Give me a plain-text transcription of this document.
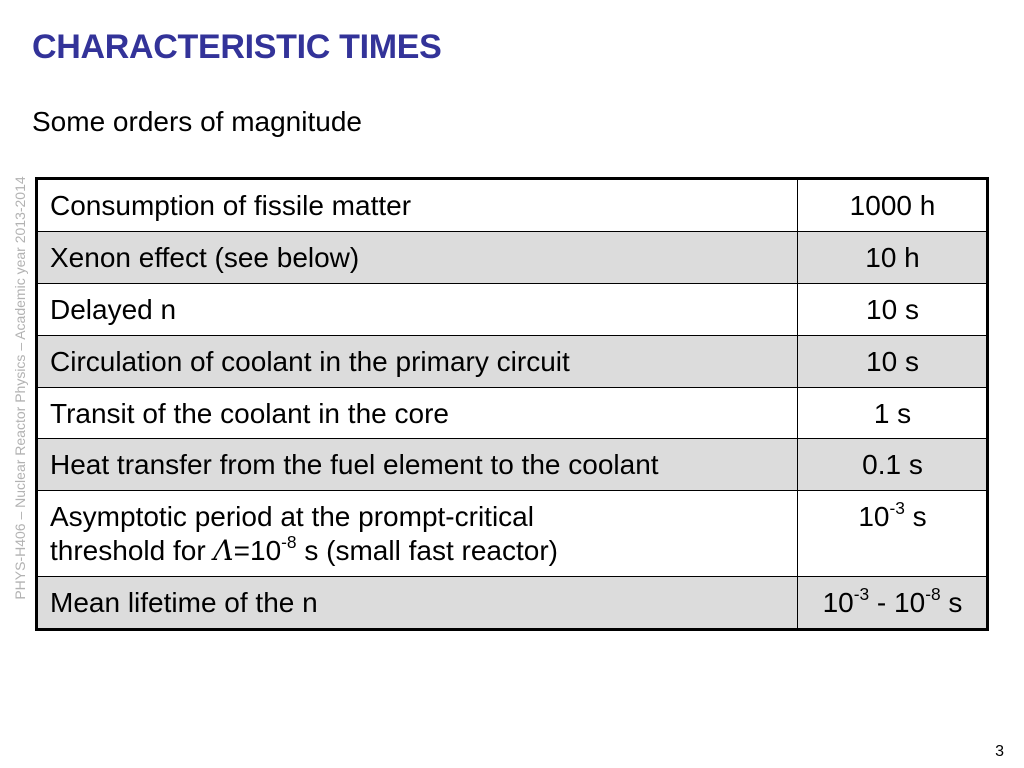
CHARACTERISTIC TIMES

Some orders of magnitude

PHYS-H406 – Nuclear Reactor Physics – Academic year 2013-2014 Consumption of fissile matter	1000 h
Xenon effect (see below)	10 h
Delayed n	10 s
Circulation of coolant in the primary circuit	10 s
Transit of the coolant in the core	1 s
Heat transfer from the fuel element to the coolant	0.1 s
Asymptotic period at the prompt-critical
threshold for $\Lambda=10^{-8}$ s (small fast reactor)	$10^{-3}$ s
Mean lifetime of the n	$10^{-3} - 10^{-8}$ s
3
